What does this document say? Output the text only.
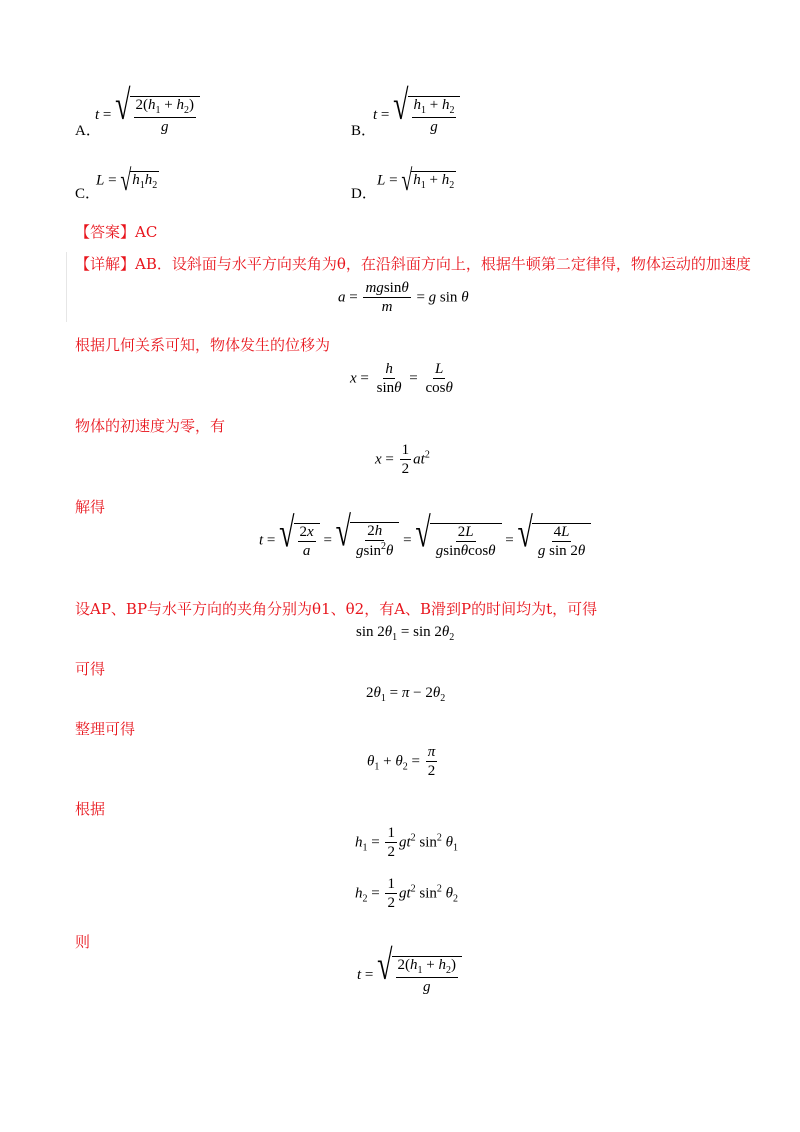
A．
t = √ $\frac{2(h_1 + h_2)}{g}$	B．
t = √ $\frac{h_1 + h_2}{g}$
C．
L = √ $h_1h_2$
D．
L = √ $h_1 + h_2$
【答案】AC
【详解】AB．设斜面与水平方向夹角为θ，在沿斜面方向上，根据牛顿第二定律得，物体运动的加速度
$a = \frac{mgsin\theta}{m} = g$ sin θ
根据几何关系可知，物体发生的位移为
$x = \frac{h}{\sin\theta} = \frac{L}{\cos\theta}$
物体的初速度为零，有
$x = \frac{1}{2} at^2$
解得
t = √ $\frac{2x}{a}$ = √ $\frac{2h}{gsin^2\theta}$ = √ $\frac{2L}{gsin\theta\cos\theta}$ = √ $\frac{4L}{\text{g sin 2θ}}$
设AP、BP与水平方向的夹角分别为θ1、θ2，有A、B滑到P的时间均为t，可得
$\sin 2\theta_1 = \sin 2\theta_2$
可得
$2\theta_1 = \pi - 2\theta_2$
整理可得
$\theta_1 + \theta_2 = \frac{\pi}{2}$
根据
$h_1 = \frac{1}{2} gt^2$ $\sin^2 \theta_1$
$h_2 = \frac{1}{2} gt^2$ $\sin^2 \theta_2$
则
t = √ $\frac{2(h_1 + h_2)}{g}$
